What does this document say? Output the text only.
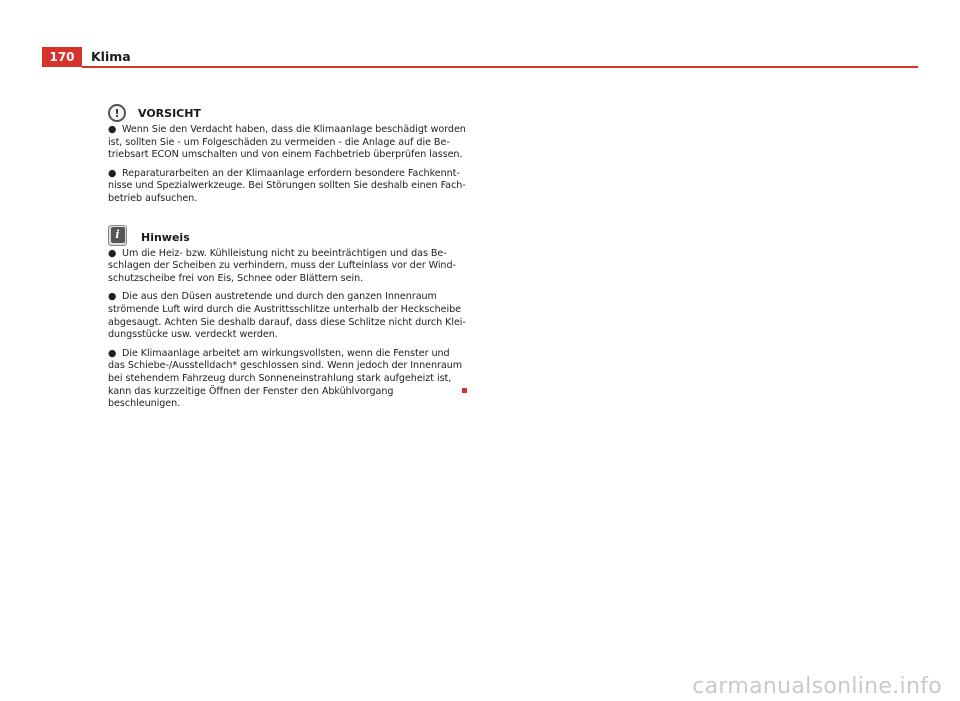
170	Klima
!	VORSICHT

● Wenn Sie den Verdacht haben, dass die Klimaanlage beschädigt worden ist, sollten Sie - um Folgeschäden zu vermeiden - die Anlage auf die Betriebsart ECON umschalten und von einem Fachbetrieb überprüfen lassen.

● Reparaturarbeiten an der Klimaanlage erfordern besondere Fachkenntnisse und Spezialwerkzeuge. Bei Störungen sollten Sie deshalb einen Fachbetrieb aufsuchen.

i	Hinweis

● Um die Heiz- bzw. Kühlleistung nicht zu beeinträchtigen und das Beschlagen der Scheiben zu verhindern, muss der Lufteinlass vor der Windschutzscheibe frei von Eis, Schnee oder Blättern sein.

● Die aus den Düsen austretende und durch den ganzen Innenraum strömende Luft wird durch die Austrittsschlitze unterhalb der Heckscheibe abgesaugt. Achten Sie deshalb darauf, dass diese Schlitze nicht durch Kleidungsstücke usw. verdeckt werden.

● Die Klimaanlage arbeitet am wirkungsvollsten, wenn die Fenster und das Schiebe-/Ausstelldach* geschlossen sind. Wenn jedoch der Innenraum bei stehendem Fahrzeug durch Sonneneinstrahlung stark aufgeheizt ist, kann das kurzzeitige Öffnen der Fenster den Abkühlvorgang beschleunigen.

carmanualsonline.info
